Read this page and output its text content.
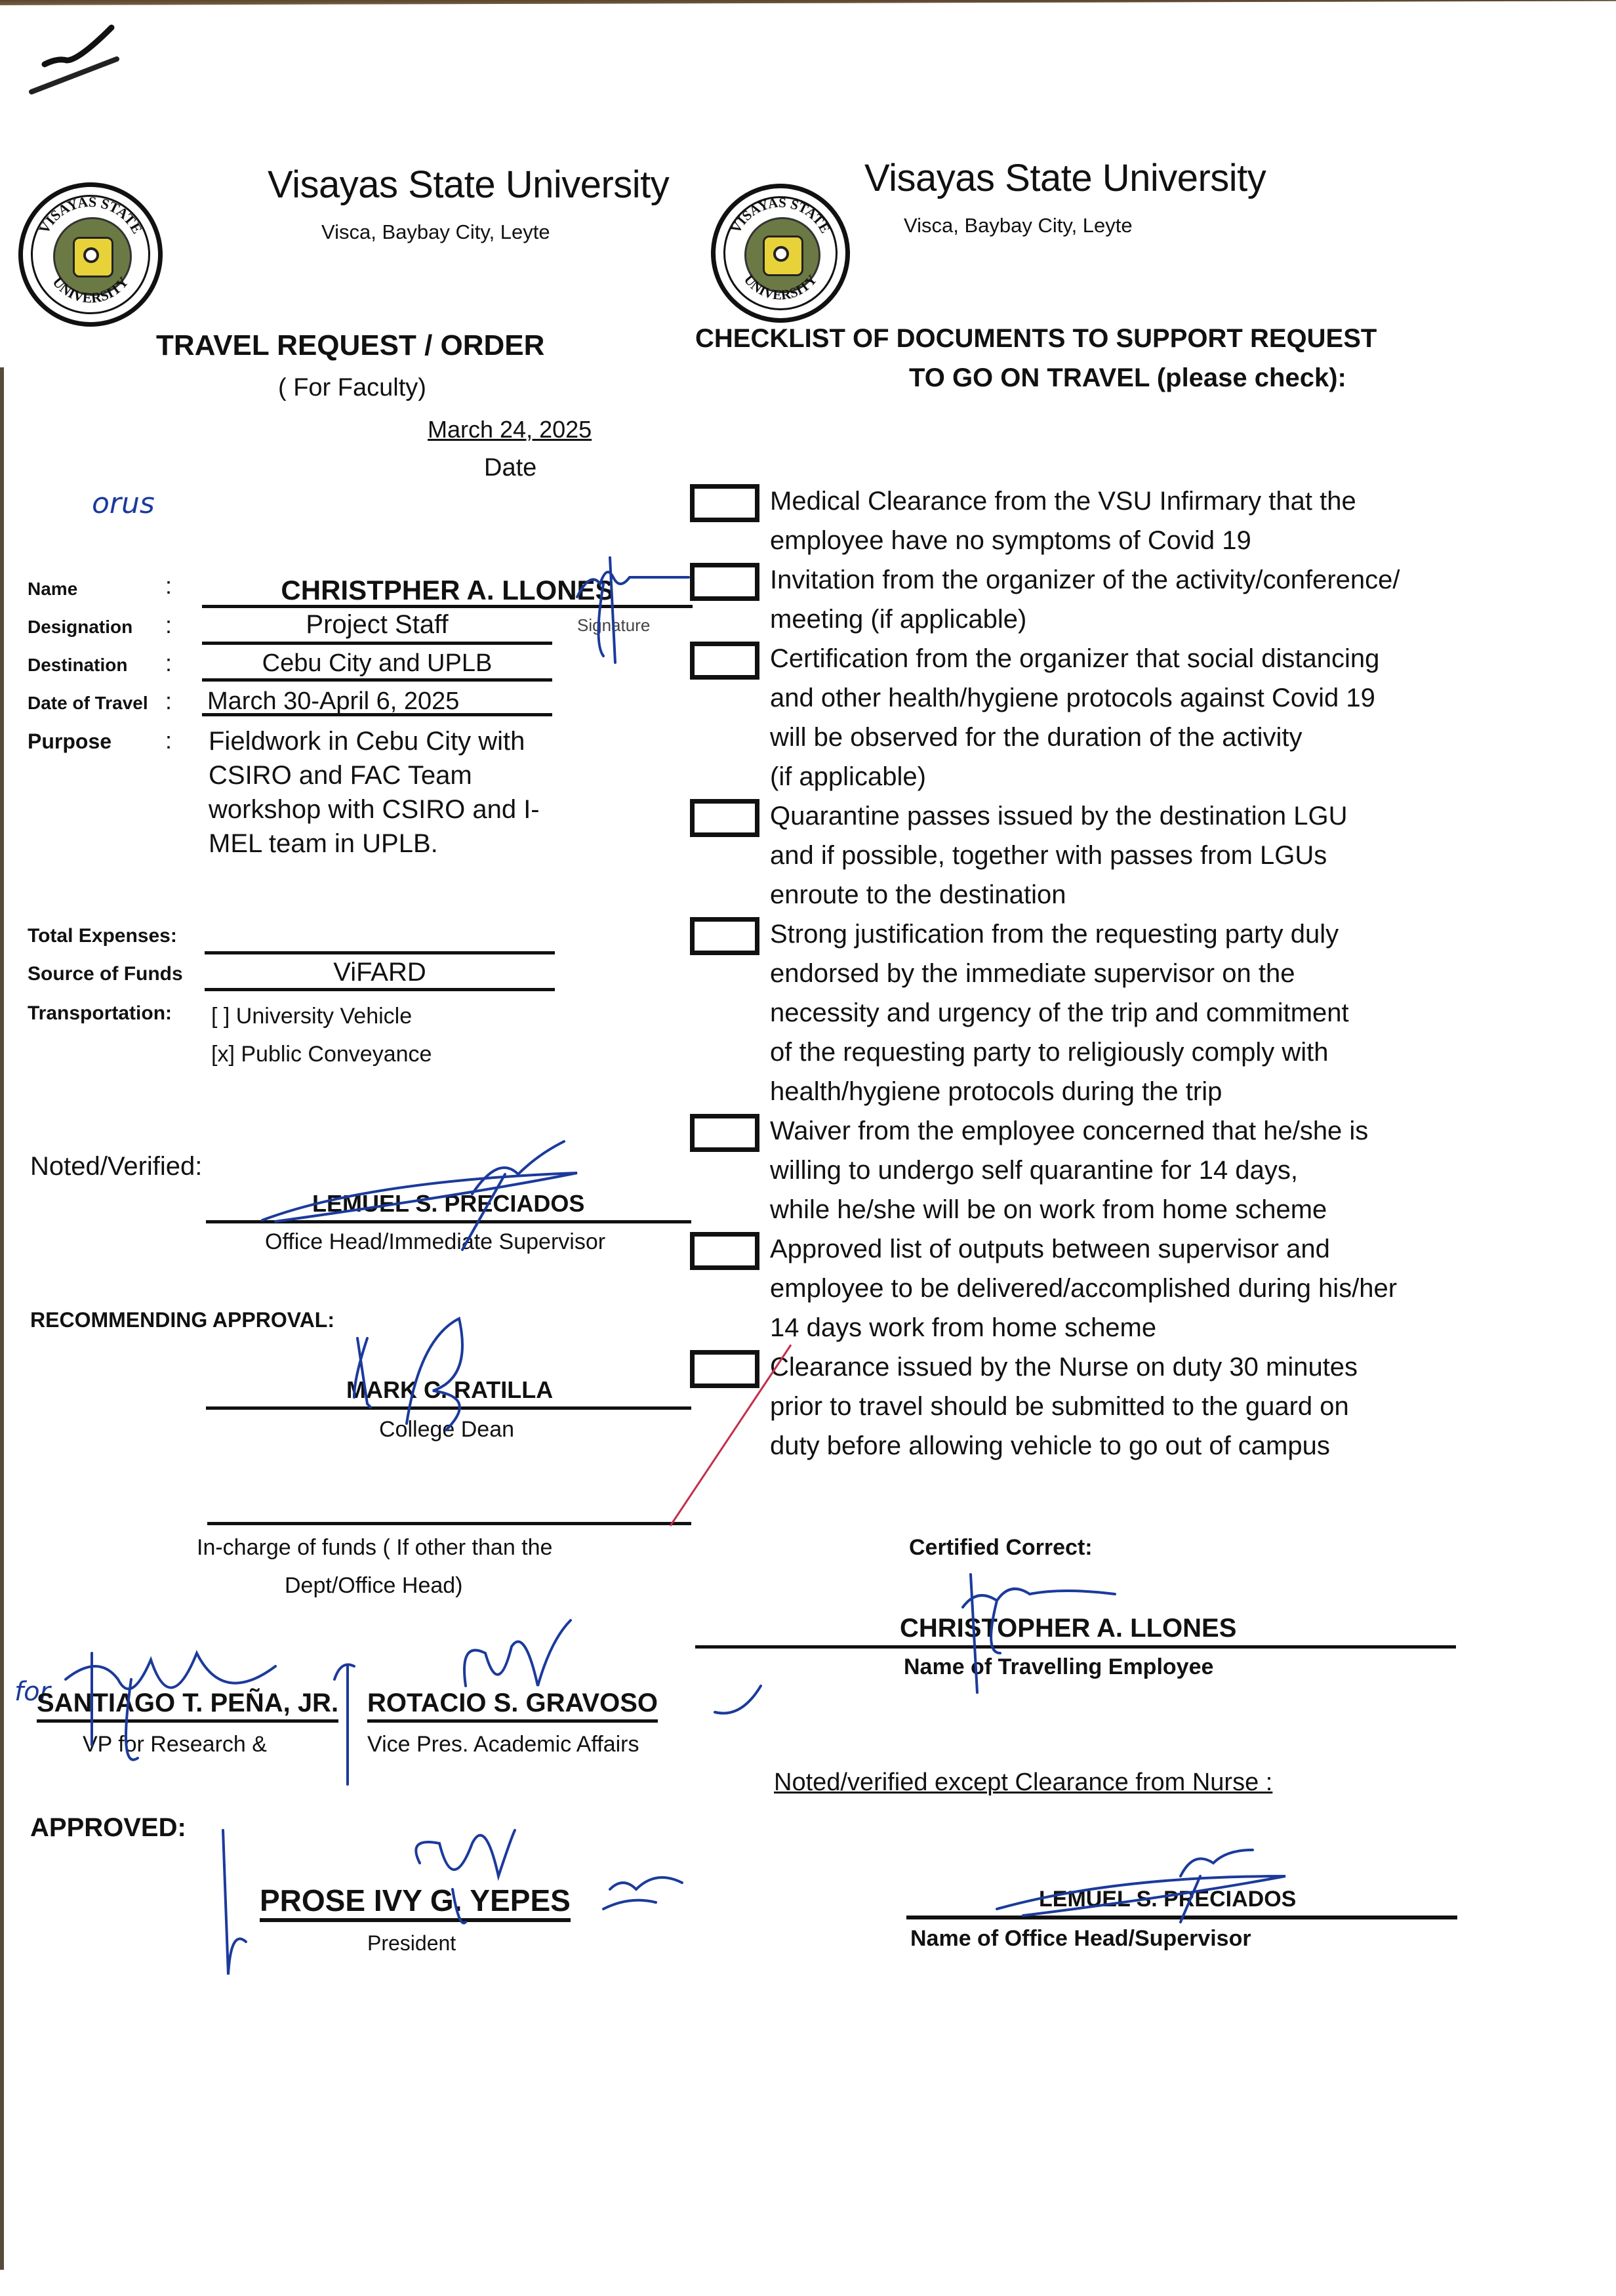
VISAYAS STATE
UNIVERSITY
Visayas State University
Visca, Baybay City, Leyte
TRAVEL REQUEST / ORDER
( For Faculty)
March 24, 2025
Date
orus
Name	:	CHRISTPHER A. LLONES
Signature
Designation :	Project Staff
Destination :	Cebu City and UPLB
Date of Travel : March 30-April 6, 2025
Purpose : Fieldwork in Cebu City with
CSIRO and FAC Team
workshop with CSIRO and I-
MEL team in UPLB.
Total Expenses:
Source of Funds	ViFARD
Transportation: [ ] University Vehicle
[x] Public Conveyance
Noted/Verified:
LEMUEL S. PRECIADOS
Office Head/Immediate Supervisor
RECOMMENDING APPROVAL:
MARK C. RATILLA
College Dean
In-charge of funds ( If other than the
Dept/Office Head)
for
SANTIAGO T. PEÑA, JR.
VP for Research &
ROTACIO S. GRAVOSO
Vice Pres. Academic Affairs
APPROVED:
PROSE IVY G. YEPES
President
VISAYAS STATE
UNIVERSITY
Visayas State University
Visca, Baybay City, Leyte
CHECKLIST OF DOCUMENTS TO SUPPORT REQUEST
TO GO ON TRAVEL (please check):
Medical Clearance from the VSU Infirmary that the
employee have no symptoms of Covid 19
Invitation from the organizer of the activity/conference/
meeting (if applicable)
Certification from the organizer that social distancing
and other health/hygiene protocols against Covid 19
will be observed for the duration of the activity
(if applicable)
Quarantine passes issued by the destination LGU
and if possible, together with passes from LGUs
enroute to the destination
Strong justification from the requesting party duly
endorsed by the immediate supervisor on the
necessity and urgency of the trip and commitment
of the requesting party to religiously comply with
health/hygiene protocols during the trip
Waiver from the employee concerned that he/she is
willing to undergo self quarantine for 14 days,
while he/she will be on work from home scheme
Approved list of outputs between supervisor and
employee to be delivered/accomplished during his/her
14 days work from home scheme
Clearance issued by the Nurse on duty 30 minutes
prior to travel should be submitted to the guard on
duty before allowing vehicle to go out of campus
Certified Correct:
CHRISTOPHER A. LLONES
Name of Travelling Employee
Noted/verified except Clearance from Nurse :
LEMUEL S. PRECIADOS
Name of Office Head/Supervisor
